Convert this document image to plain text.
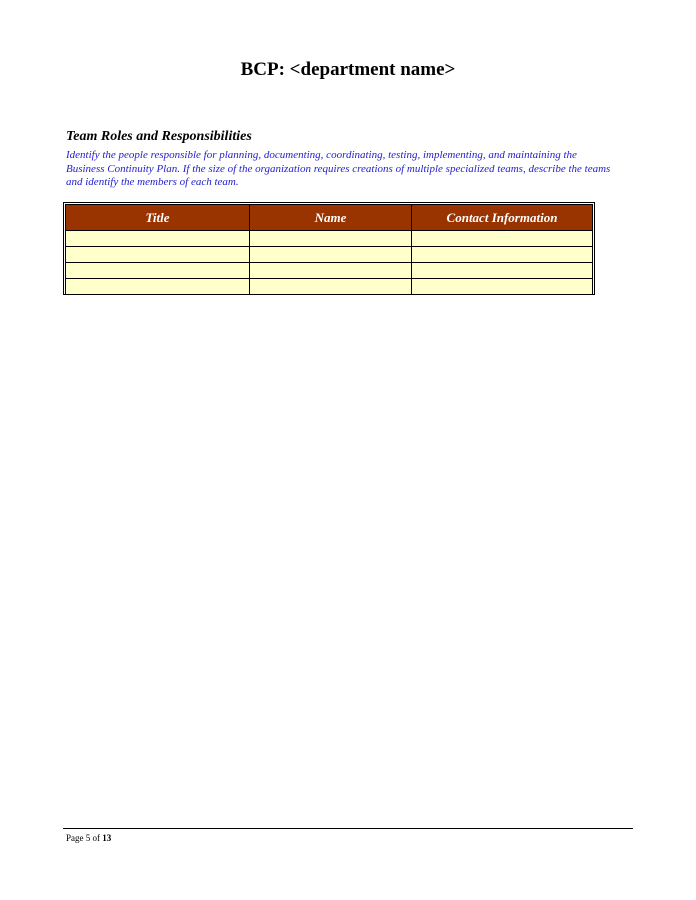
BCP: <department name>
Team Roles and Responsibilities
Identify the people responsible for planning, documenting, coordinating, testing, implementing, and maintaining the Business Continuity Plan. If the size of the organization requires creations of multiple specialized teams, describe the teams and identify the members of each team.
Title	Name	Contact Information

Page 5 of 13
